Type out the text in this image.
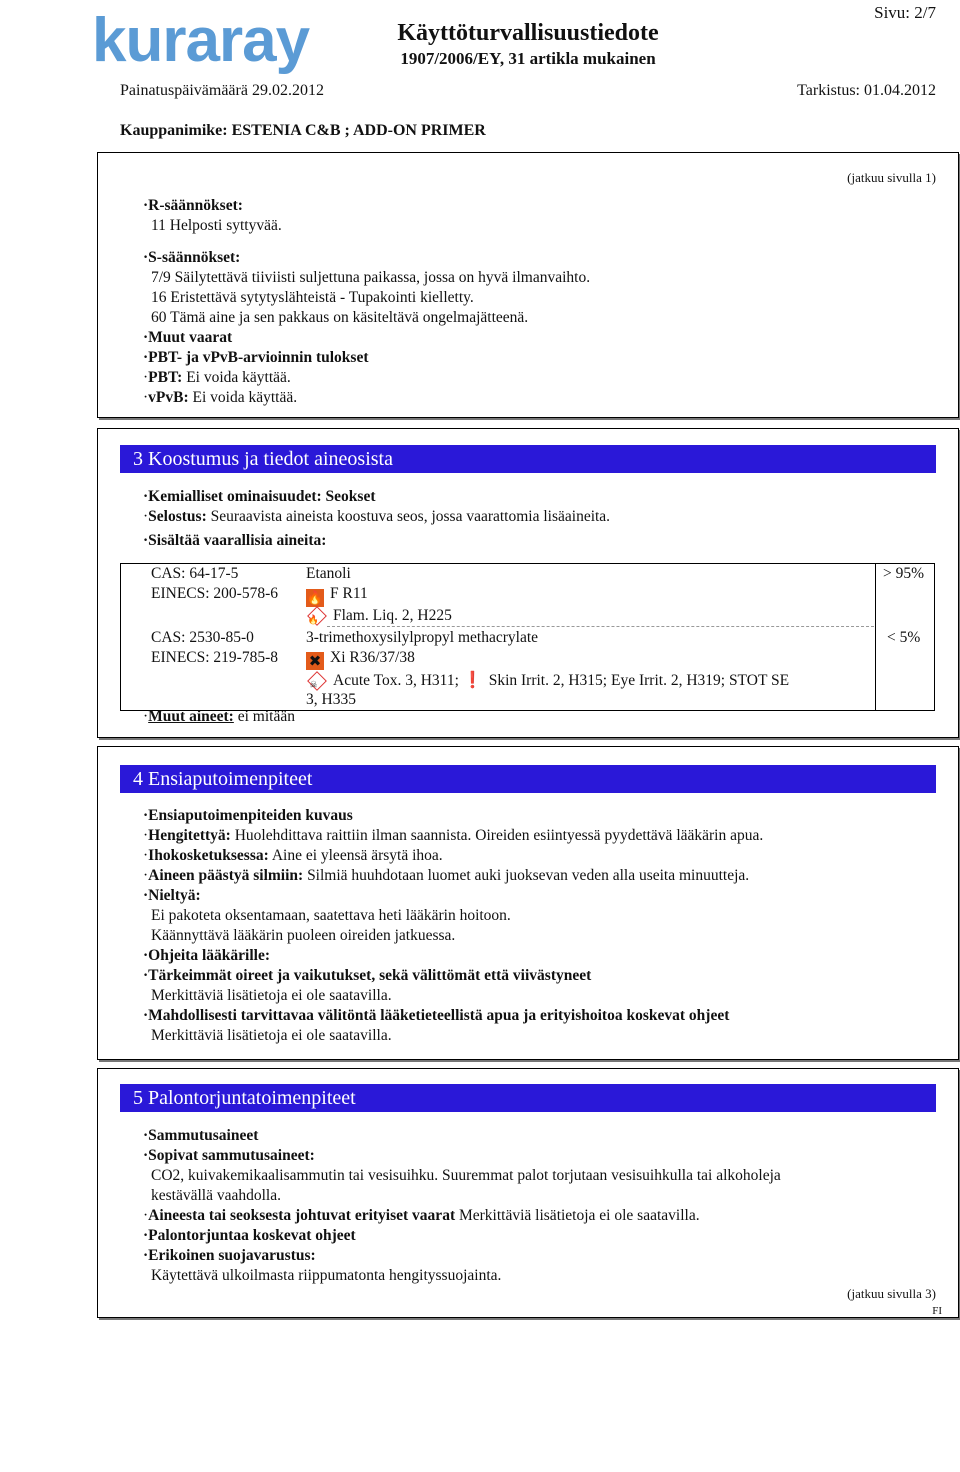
kuraray	Käyttöturvallisuustiedote
1907/2006/EY, 31 artikla mukainen
Sivu: 2/7
Painatuspäivämäärä 29.02.2012	Tarkistus: 01.04.2012
Kauppanimike: ESTENIA C&B ; ADD-ON PRIMER
(jatkuu sivulla 1)
· R-säännökset:
11 Helposti syttyvää.
· S-säännökset:
7/9 Säilytettävä tiiviisti suljettuna paikassa, jossa on hyvä ilmanvaihto.
16 Eristettävä sytytyslähteistä - Tupakointi kielletty.
60 Tämä aine ja sen pakkaus on käsiteltävä ongelmajätteenä.
· Muut vaarat
· PBT- ja vPvB-arvioinnin tulokset
· PBT: Ei voida käyttää.
· vPvB: Ei voida käyttää.
3 Koostumus ja tiedot aineosista
· Kemialliset ominaisuudet: Seokset
· Selostus: Seuraavista aineista koostuva seos, jossa vaarattomia lisäaineita.
· Sisältää vaarallisia aineita:
CAS: 64-17-5
EINECS: 200-578-6
Etanoli
🔥 F R11
🔥 Flam. Liq. 2, H225
> 95%
CAS: 2530-85-0
EINECS: 219-785-8
3-trimethoxysilylpropyl methacrylate
✖ Xi R36/37/38
☠ Acute Tox. 3, H311; ❗ Skin Irrit. 2, H315; Eye Irrit. 2, H319; STOT SE
3, H335
< 5%
· Muut aineet: ei mitään
4 Ensiaputoimenpiteet
· Ensiaputoimenpiteiden kuvaus
· Hengitettyä: Huolehdittava raittiin ilman saannista. Oireiden esiintyessä pyydettävä lääkärin apua.
· Ihokosketuksessa: Aine ei yleensä ärsytä ihoa.
· Aineen päästyä silmiin: Silmiä huuhdotaan luomet auki juoksevan veden alla useita minuutteja.
· Nieltyä:
Ei pakoteta oksentamaan, saatettava heti lääkärin hoitoon.
Käännyttävä lääkärin puoleen oireiden jatkuessa.
· Ohjeita lääkärille:
· Tärkeimmät oireet ja vaikutukset, sekä välittömät että viivästyneet
Merkittäviä lisätietoja ei ole saatavilla.
· Mahdollisesti tarvittavaa välitöntä lääketieteellistä apua ja erityishoitoa koskevat ohjeet
Merkittäviä lisätietoja ei ole saatavilla.
5 Palontorjuntatoimenpiteet
· Sammutusaineet
· Sopivat sammutusaineet:
CO2, kuivakemikaalisammutin tai vesisuihku. Suuremmat palot torjutaan vesisuihkulla tai alkoholeja
kestävällä vaahdolla.
· Aineesta tai seoksesta johtuvat erityiset vaarat Merkittäviä lisätietoja ei ole saatavilla.
· Palontorjuntaa koskevat ohjeet
· Erikoinen suojavarustus:
Käytettävä ulkoilmasta riippumatonta hengityssuojainta.
(jatkuu sivulla 3)
FI
